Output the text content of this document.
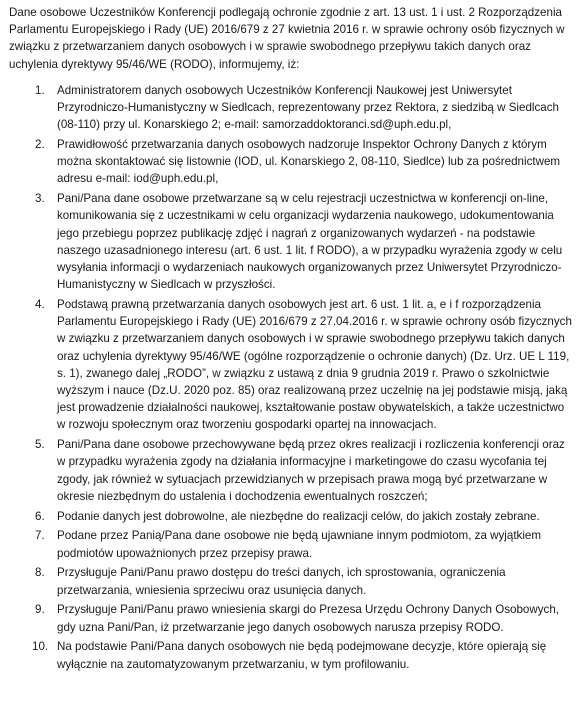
Dane osobowe Uczestników Konferencji podlegają ochronie zgodnie z art. 13 ust. 1 i ust. 2 Rozporządzenia Parlamentu Europejskiego i Rady (UE) 2016/679 z 27 kwietnia 2016 r. w sprawie ochrony osób fizycznych w związku z przetwarzaniem danych osobowych i w sprawie swobodnego przepływu takich danych oraz uchylenia dyrektywy 95/46/WE (RODO), informujemy, iż:

1. Administratorem danych osobowych Uczestników Konferencji Naukowej jest Uniwersytet Przyrodniczo-Humanistyczny w Siedlcach, reprezentowany przez Rektora, z siedzibą w Siedlcach (08-110) przy ul. Konarskiego 2; e-mail: samorzaddoktoranci.sd@uph.edu.pl,
2. Prawidłowość przetwarzania danych osobowych nadzoruje Inspektor Ochrony Danych z którym można skontaktować się listownie (IOD, ul. Konarskiego 2, 08-110, Siedlce) lub za pośrednictwem adresu e-mail: iod@uph.edu.pl,
3. Pani/Pana dane osobowe przetwarzane są w celu rejestracji uczestnictwa w konferencji on-line, komunikowania się z uczestnikami w celu organizacji wydarzenia naukowego, udokumentowania jego przebiegu poprzez publikację zdjęć i nagrań z organizowanych wydarzeń - na podstawie naszego uzasadnionego interesu (art. 6 ust. 1 lit. f RODO), a w przypadku wyrażenia zgody w celu wysyłania informacji o wydarzeniach naukowych organizowanych przez Uniwersytet Przyrodniczo-Humanistyczny w Siedlcach w przyszłości.
4. Podstawą prawną przetwarzania danych osobowych jest art. 6 ust. 1 lit. a, e i f rozporządzenia Parlamentu Europejskiego i Rady (UE) 2016/679 z 27.04.2016 r. w sprawie ochrony osób fizycznych w związku z przetwarzaniem danych osobowych i w sprawie swobodnego przepływu takich danych oraz uchylenia dyrektywy 95/46/WE (ogólne rozporządzenie o ochronie danych) (Dz. Urz. UE L 119, s. 1), zwanego dalej „RODO”, w związku z ustawą z dnia 9 grudnia 2019 r. Prawo o szkolnictwie wyższym i nauce (Dz.U. 2020 poz. 85) oraz realizowaną przez uczelnię na jej podstawie misją, jaką jest prowadzenie działalności naukowej, kształtowanie postaw obywatelskich, a także uczestnictwo w rozwoju społecznym oraz tworzeniu gospodarki opartej na innowacjach.
5. Pani/Pana dane osobowe przechowywane będą przez okres realizacji i rozliczenia konferencji oraz w przypadku wyrażenia zgody na działania informacyjne i marketingowe do czasu wycofania tej zgody, jak również w sytuacjach przewidzianych w przepisach prawa mogą być przetwarzane w okresie niezbędnym do ustalenia i dochodzenia ewentualnych roszczeń;
6. Podanie danych jest dobrowolne, ale niezbędne do realizacji celów, do jakich zostały zebrane.
7. Podane przez Panią/Pana dane osobowe nie będą ujawniane innym podmiotom, za wyjątkiem podmiotów upoważnionych przez przepisy prawa.
8. Przysługuje Pani/Panu prawo dostępu do treści danych, ich sprostowania, ograniczenia przetwarzania, wniesienia sprzeciwu oraz usunięcia danych.
9. Przysługuje Pani/Panu prawo wniesienia skargi do Prezesa Urzędu Ochrony Danych Osobowych, gdy uzna Pani/Pan, iż przetwarzanie jego danych osobowych narusza przepisy RODO.
10. Na podstawie Pani/Pana danych osobowych nie będą podejmowane decyzje, które opierają się wyłącznie na zautomatyzowanym przetwarzaniu, w tym profilowaniu.
